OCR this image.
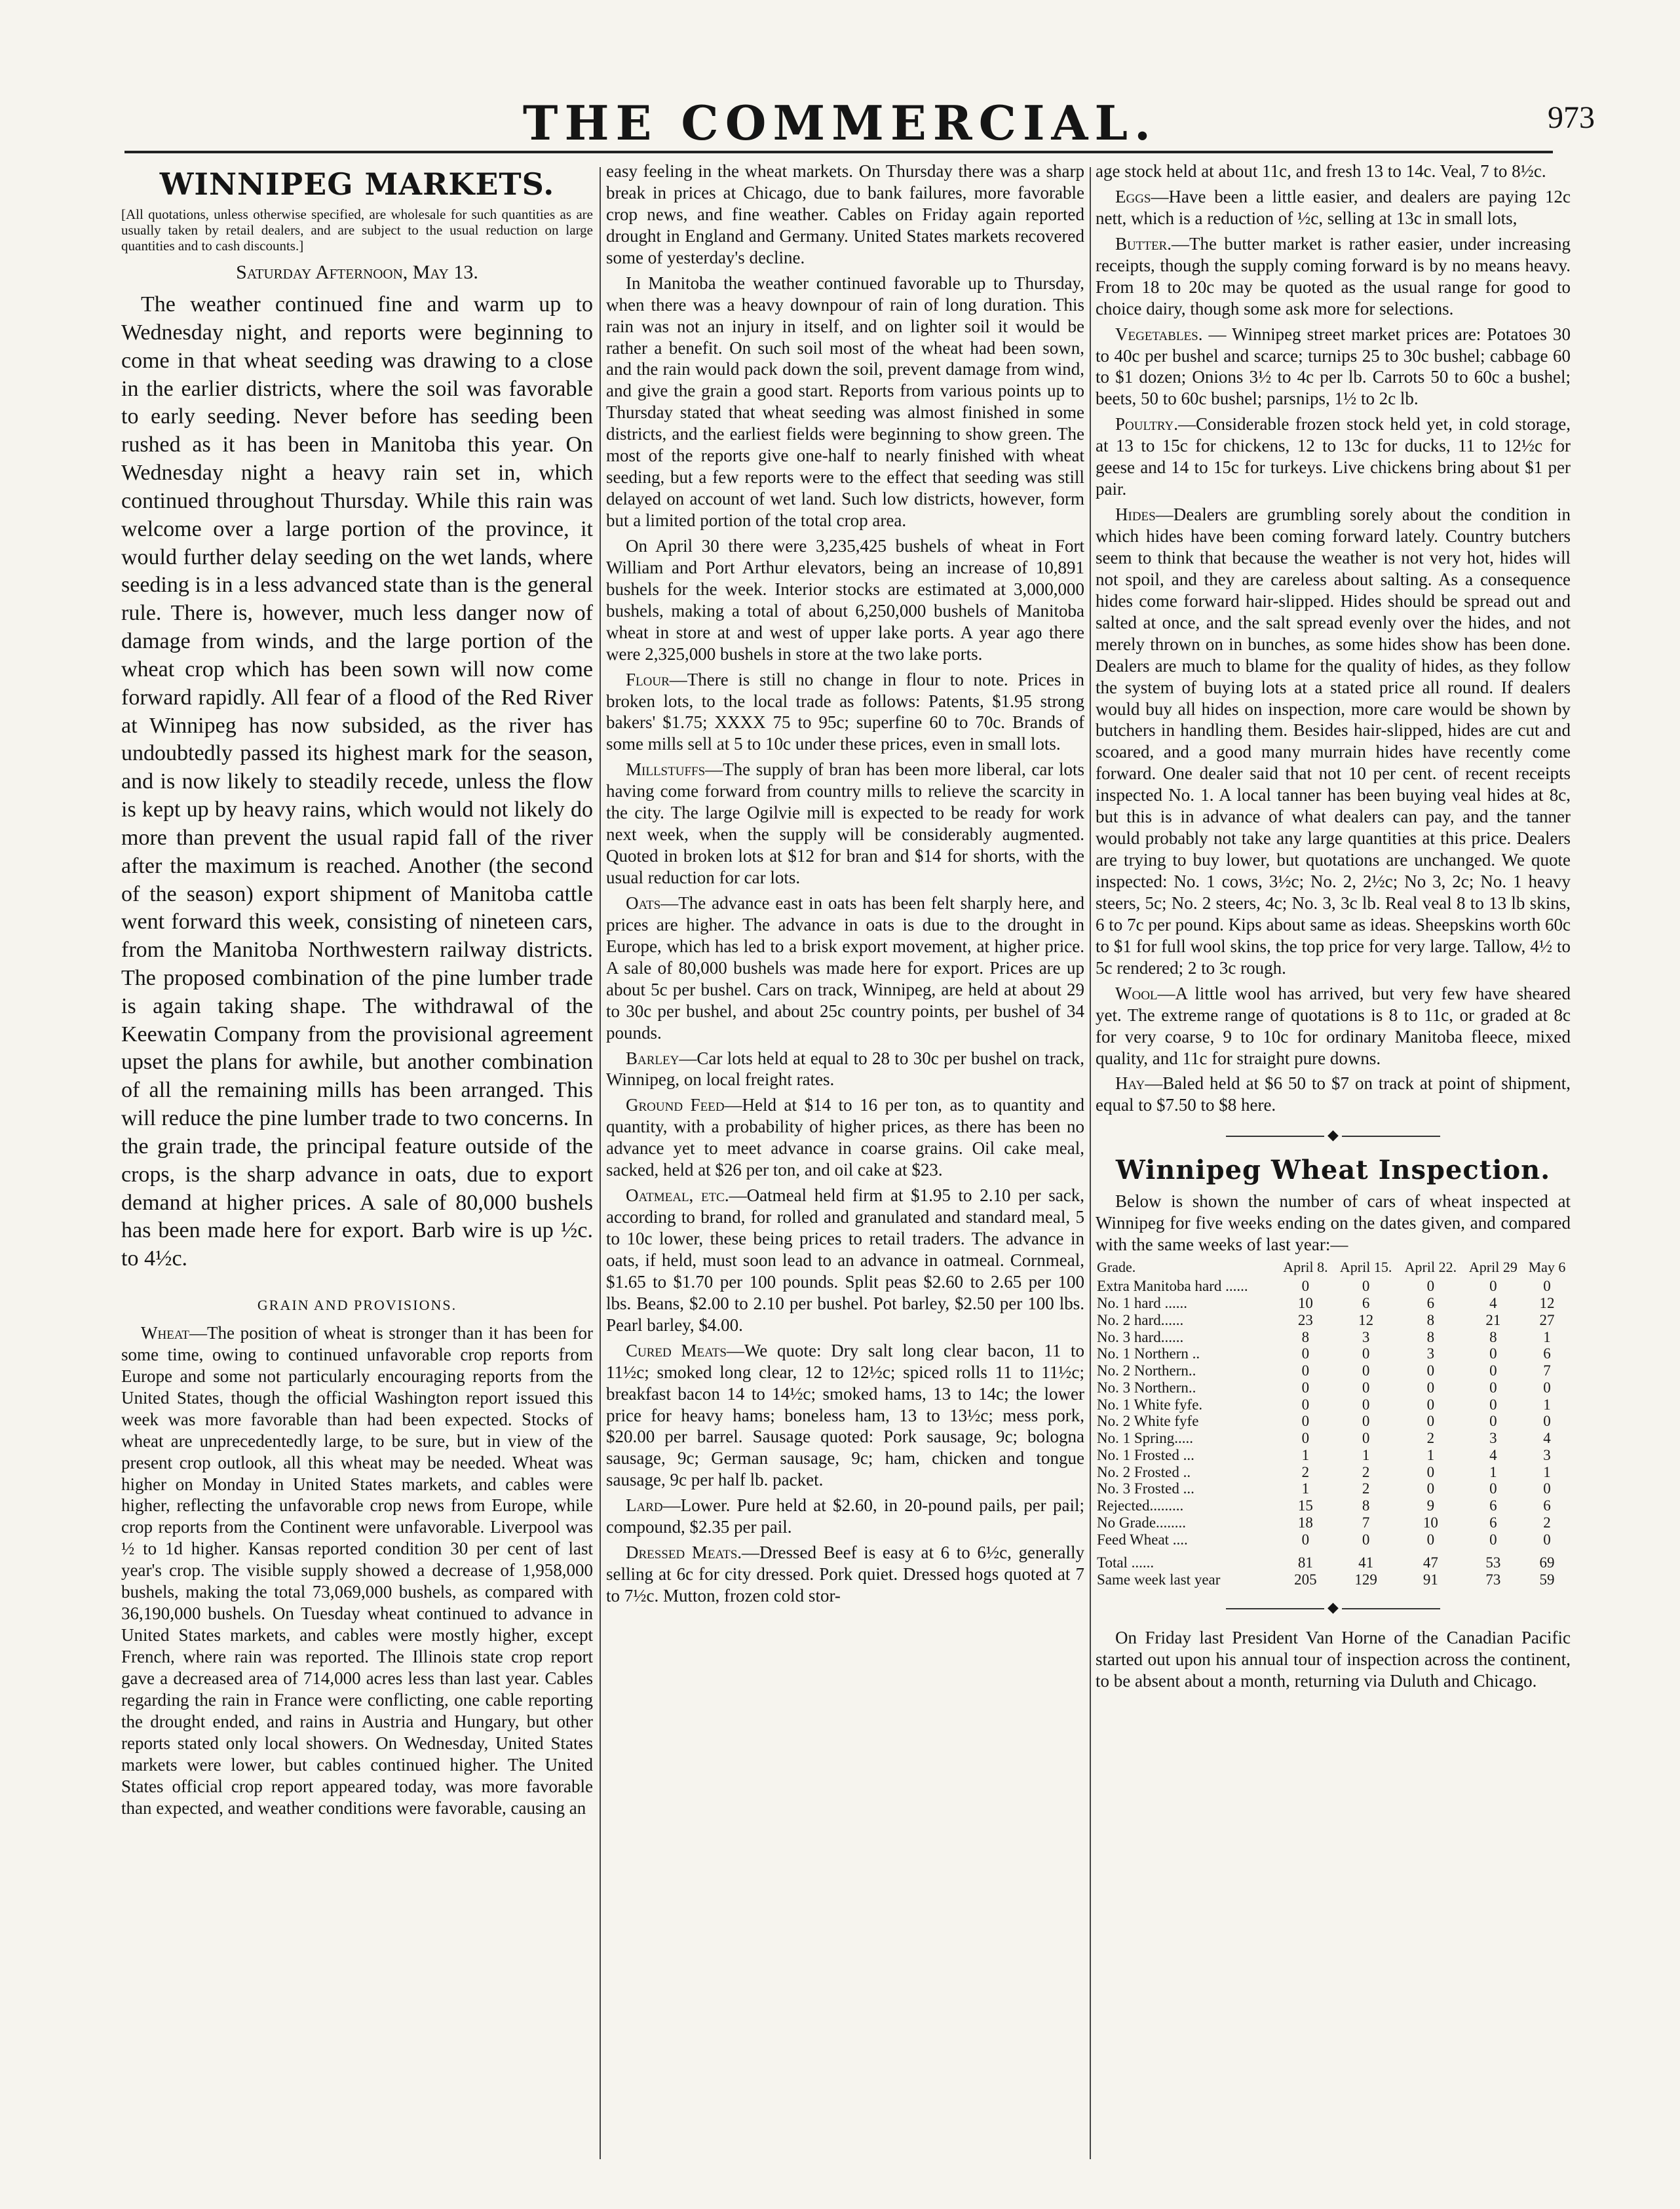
THE COMMERCIAL.	973
WINNIPEG MARKETS.
[All quotations, unless otherwise specified, are wholesale for such quantities as are usually taken by retail dealers, and are subject to the usual reduction on large quantities and to cash discounts.]
Saturday Afternoon, May 13.

The weather continued fine and warm up to Wednesday night, and reports were beginning to come in that wheat seeding was drawing to a close in the earlier districts, where the soil was favorable to early seeding. Never before has seeding been rushed as it has been in Manitoba this year. On Wednesday night a heavy rain set in, which continued throughout Thursday. While this rain was welcome over a large portion of the province, it would further delay seeding on the wet lands, where seeding is in a less advanced state than is the general rule. There is, however, much less danger now of damage from winds, and the large portion of the wheat crop which has been sown will now come forward rapidly. All fear of a flood of the Red River at Winnipeg has now subsided, as the river has undoubtedly passed its highest mark for the season, and is now likely to steadily recede, unless the flow is kept up by heavy rains, which would not likely do more than prevent the usual rapid fall of the river after the maximum is reached. Another (the second of the season) export shipment of Manitoba cattle went forward this week, consisting of nineteen cars, from the Manitoba Northwestern railway districts. The proposed combination of the pine lumber trade is again taking shape. The withdrawal of the Keewatin Company from the provisional agreement upset the plans for awhile, but another combination of all the remaining mills has been arranged. This will reduce the pine lumber trade to two concerns. In the grain trade, the principal feature outside of the crops, is the sharp advance in oats, due to export demand at higher prices. A sale of 80,000 bushels has been made here for export. Barb wire is up ½c. to 4½c.

GRAIN AND PROVISIONS.

Wheat—The position of wheat is stronger than it has been for some time, owing to continued unfavorable crop reports from Europe and some not particularly encouraging reports from the United States, though the official Washington report issued this week was more favorable than had been expected. Stocks of wheat are unprecedentedly large, to be sure, but in view of the present crop outlook, all this wheat may be needed. Wheat was higher on Monday in United States markets, and cables were higher, reflecting the unfavorable crop news from Europe, while crop reports from the Continent were unfavorable. Liverpool was ½ to 1d higher. Kansas reported condition 30 per cent of last year's crop. The visible supply showed a decrease of 1,958,000 bushels, making the total 73,069,000 bushels, as compared with 36,190,000 bushels. On Tuesday wheat continued to advance in United States markets, and cables were mostly higher, except French, where rain was reported. The Illinois state crop report gave a decreased area of 714,000 acres less than last year. Cables regarding the rain in France were conflicting, one cable reporting the drought ended, and rains in Austria and Hungary, but other reports stated only local showers. On Wednesday, United States markets were lower, but cables continued higher. The United States official crop report appeared today, was more favorable than expected, and weather conditions were favorable, causing an

easy feeling in the wheat markets. On Thursday there was a sharp break in prices at Chicago, due to bank failures, more favorable crop news, and fine weather. Cables on Friday again reported drought in England and Germany. United States markets recovered some of yesterday's decline.

In Manitoba the weather continued favorable up to Thursday, when there was a heavy downpour of rain of long duration. This rain was not an injury in itself, and on lighter soil it would be rather a benefit. On such soil most of the wheat had been sown, and the rain would pack down the soil, prevent damage from wind, and give the grain a good start. Reports from various points up to Thursday stated that wheat seeding was almost finished in some districts, and the earliest fields were beginning to show green. The most of the reports give one-half to nearly finished with wheat seeding, but a few reports were to the effect that seeding was still delayed on account of wet land. Such low districts, however, form but a limited portion of the total crop area.

On April 30 there were 3,235,425 bushels of wheat in Fort William and Port Arthur elevators, being an increase of 10,891 bushels for the week. Interior stocks are estimated at 3,000,000 bushels, making a total of about 6,250,000 bushels of Manitoba wheat in store at and west of upper lake ports. A year ago there were 2,325,000 bushels in store at the two lake ports.

Flour—There is still no change in flour to note. Prices in broken lots, to the local trade as follows: Patents, $1.95 strong bakers' $1.75; XXXX 75 to 95c; superfine 60 to 70c. Brands of some mills sell at 5 to 10c under these prices, even in small lots.

Millstuffs—The supply of bran has been more liberal, car lots having come forward from country mills to relieve the scarcity in the city. The large Ogilvie mill is expected to be ready for work next week, when the supply will be considerably augmented. Quoted in broken lots at $12 for bran and $14 for shorts, with the usual reduction for car lots.

Oats—The advance east in oats has been felt sharply here, and prices are higher. The advance in oats is due to the drought in Europe, which has led to a brisk export movement, at higher price. A sale of 80,000 bushels was made here for export. Prices are up about 5c per bushel. Cars on track, Winnipeg, are held at about 29 to 30c per bushel, and about 25c country points, per bushel of 34 pounds.

Barley—Car lots held at equal to 28 to 30c per bushel on track, Winnipeg, on local freight rates.

Ground Feed—Held at $14 to 16 per ton, as to quantity and quantity, with a probability of higher prices, as there has been no advance yet to meet advance in coarse grains. Oil cake meal, sacked, held at $26 per ton, and oil cake at $23.

Oatmeal, etc.—Oatmeal held firm at $1.95 to 2.10 per sack, according to brand, for rolled and granulated and standard meal, 5 to 10c lower, these being prices to retail traders. The advance in oats, if held, must soon lead to an advance in oatmeal. Cornmeal, $1.65 to $1.70 per 100 pounds. Split peas $2.60 to 2.65 per 100 lbs. Beans, $2.00 to 2.10 per bushel. Pot barley, $2.50 per 100 lbs. Pearl barley, $4.00.

Cured Meats—We quote: Dry salt long clear bacon, 11 to 11½c; smoked long clear, 12 to 12½c; spiced rolls 11 to 11½c; breakfast bacon 14 to 14½c; smoked hams, 13 to 14c; the lower price for heavy hams; boneless ham, 13 to 13½c; mess pork, $20.00 per barrel. Sausage quoted: Pork sausage, 9c; bologna sausage, 9c; German sausage, 9c; ham, chicken and tongue sausage, 9c per half lb. packet.

Lard—Lower. Pure held at $2.60, in 20-pound pails, per pail; compound, $2.35 per pail.

Dressed Meats.—Dressed Beef is easy at 6 to 6½c, generally selling at 6c for city dressed. Pork quiet. Dressed hogs quoted at 7 to 7½c. Mutton, frozen cold stor-

age stock held at about 11c, and fresh 13 to 14c. Veal, 7 to 8½c.

Eggs—Have been a little easier, and dealers are paying 12c nett, which is a reduction of ½c, selling at 13c in small lots,

Butter.—The butter market is rather easier, under increasing receipts, though the supply coming forward is by no means heavy. From 18 to 20c may be quoted as the usual range for good to choice dairy, though some ask more for selections.

Vegetables. — Winnipeg street market prices are: Potatoes 30 to 40c per bushel and scarce; turnips 25 to 30c bushel; cabbage 60 to $1 dozen; Onions 3½ to 4c per lb. Carrots 50 to 60c a bushel; beets, 50 to 60c bushel; parsnips, 1½ to 2c lb.

Poultry.—Considerable frozen stock held yet, in cold storage, at 13 to 15c for chickens, 12 to 13c for ducks, 11 to 12½c for geese and 14 to 15c for turkeys. Live chickens bring about $1 per pair.

Hides—Dealers are grumbling sorely about the condition in which hides have been coming forward lately. Country butchers seem to think that because the weather is not very hot, hides will not spoil, and they are careless about salting. As a consequence hides come forward hair-slipped. Hides should be spread out and salted at once, and the salt spread evenly over the hides, and not merely thrown on in bunches, as some hides show has been done. Dealers are much to blame for the quality of hides, as they follow the system of buying lots at a stated price all round. If dealers would buy all hides on inspection, more care would be shown by butchers in handling them. Besides hair-slipped, hides are cut and scoared, and a good many murrain hides have recently come forward. One dealer said that not 10 per cent. of recent receipts inspected No. 1. A local tanner has been buying veal hides at 8c, but this is in advance of what dealers can pay, and the tanner would probably not take any large quantities at this price. Dealers are trying to buy lower, but quotations are unchanged. We quote inspected: No. 1 cows, 3½c; No. 2, 2½c; No 3, 2c; No. 1 heavy steers, 5c; No. 2 steers, 4c; No. 3, 3c lb. Real veal 8 to 13 lb skins, 6 to 7c per pound. Kips about same as ideas. Sheepskins worth 60c to $1 for full wool skins, the top price for very large. Tallow, 4½ to 5c rendered; 2 to 3c rough.

Wool—A little wool has arrived, but very few have sheared yet. The extreme range of quotations is 8 to 11c, or graded at 8c for very coarse, 9 to 10c for ordinary Manitoba fleece, mixed quality, and 11c for straight pure downs.

Hay—Baled held at $6 50 to $7 on track at point of shipment, equal to $7.50 to $8 here.

◆
Winnipeg Wheat Inspection.

Below is shown the number of cars of wheat inspected at Winnipeg for five weeks ending on the dates given, and compared with the same weeks of last year:—

Grade.	April 8.	April 15.	April 22.	April 29	May 6
Extra Manitoba hard ......	0	0	0	0	0
No. 1 hard ......	10	6	6	4	12
No. 2 hard......	23	12	8	21	27
No. 3 hard......	8	3	8	8	1
No. 1 Northern ..	0	0	3	0	6
No. 2 Northern..	0	0	0	0	7
No. 3 Northern..	0	0	0	0	0
No. 1 White fyfe.	0	0	0	0	1
No. 2 White fyfe	0	0	0	0	0
No. 1 Spring.....	0	0	2	3	4
No. 1 Frosted ...	1	1	1	4	3
No. 2 Frosted ..	2	2	0	1	1
No. 3 Frosted ...	1	2	0	0	0
Rejected.........	15	8	9	6	6
No Grade........	18	7	10	6	2
Feed Wheat ....	0	0	0	0	0
Total ......	81	41	47	53	69
Same week last year	205	129	91	73	59
◆

On Friday last President Van Horne of the Canadian Pacific started out upon his annual tour of inspection across the continent, to be absent about a month, returning via Duluth and Chicago.
